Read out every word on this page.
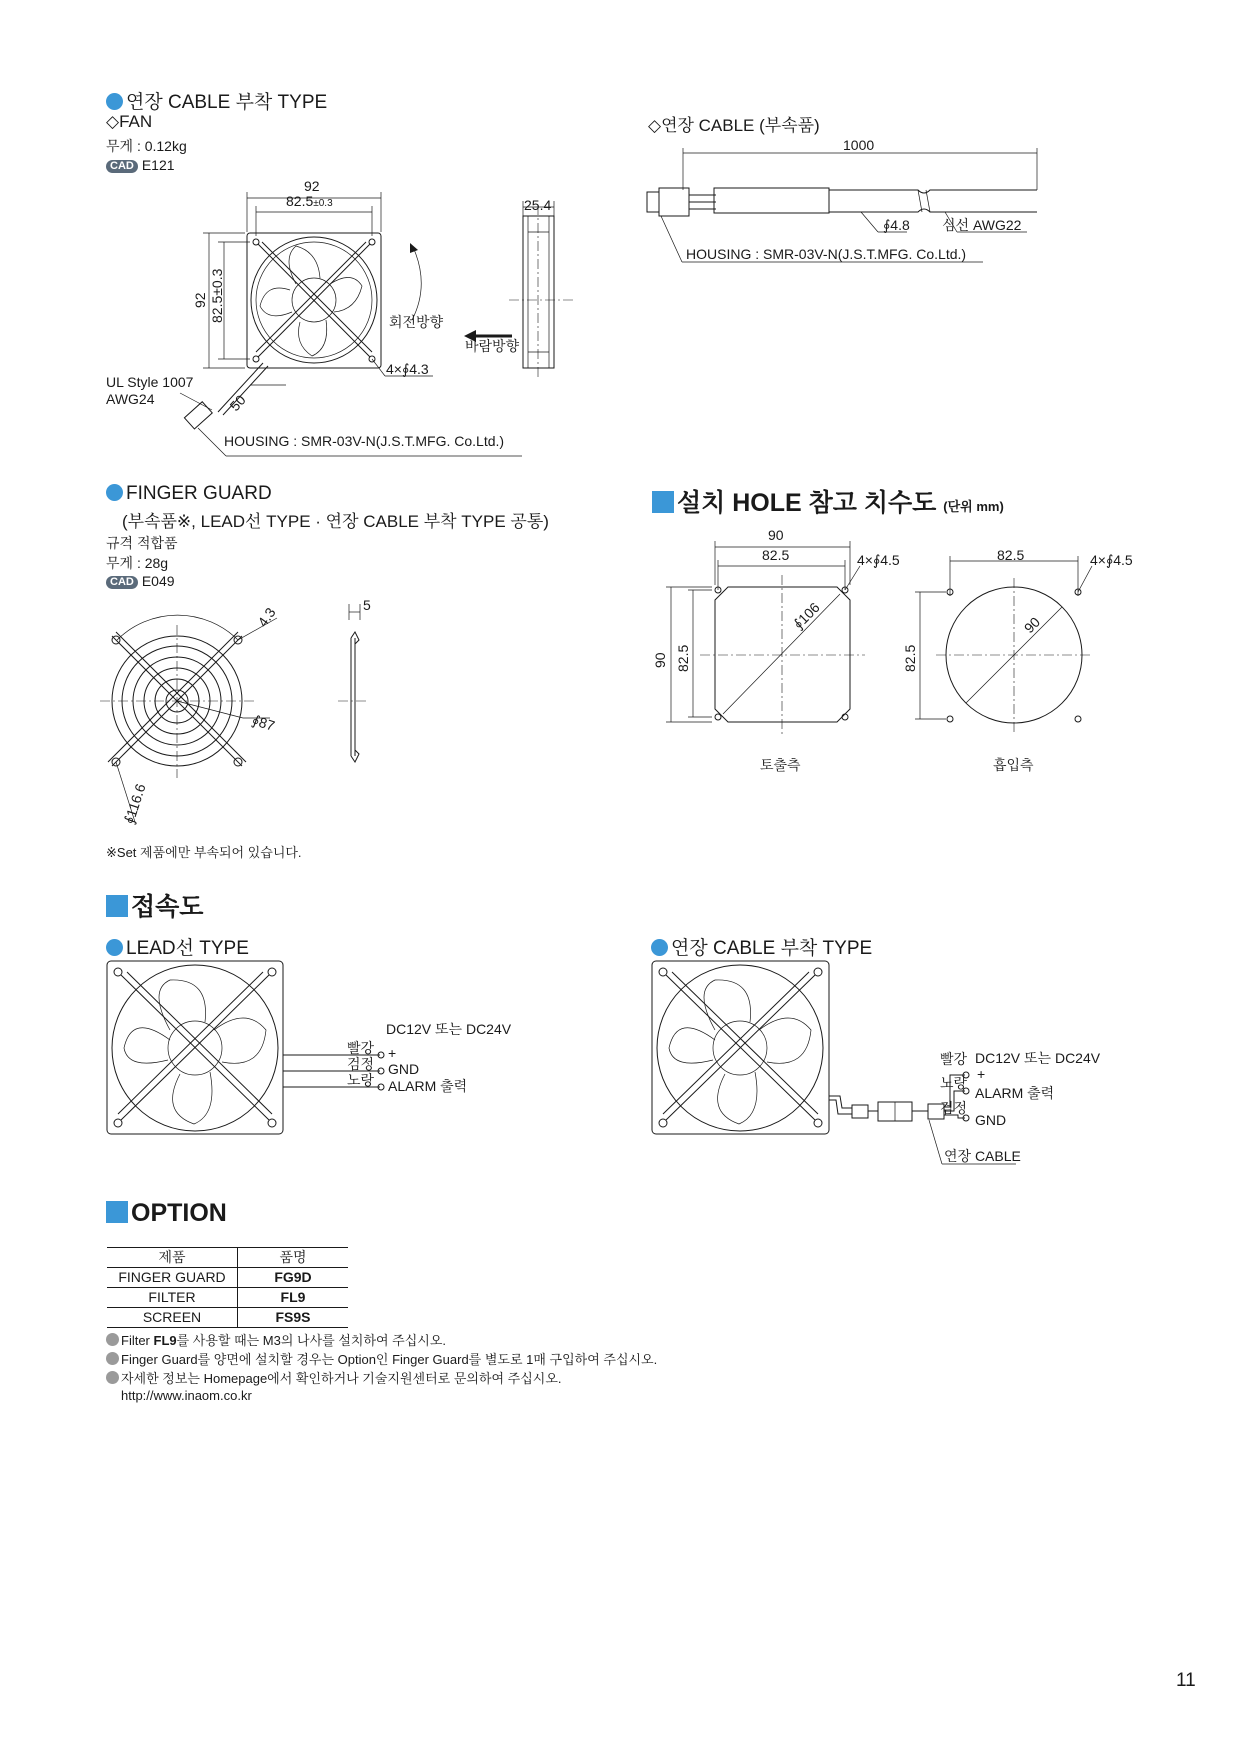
연장 CABLE 부착 TYPE
◇FAN
무게 : 0.12kg
CAD E121
92
82.5±0.3	25.4
92 82.5±0.3	회전방향
바람방향
4×∮4.3
50
UL Style 1007
AWG24
HOUSING : SMR-03V-N(J.S.T.MFG. Co.Ltd.)
◇연장 CABLE (부속품)
1000
∮4.8 심선 AWG22
HOUSING : SMR-03V-N(J.S.T.MFG. Co.Ltd.)
FINGER GUARD
(부속품※, LEAD선 TYPE · 연장 CABLE 부착 TYPE 공통)
규격 적합품
무게 : 28g
CAD E049
4.3
∮87
∮116.6
5
※Set 제품에만 부속되어 있습니다.
설치 HOLE 참고 치수도 (단위 mm)
90
82.5	4×∮4.5
∮106
90 82.5
토출측
82.5	4×∮4.5
90
82.5
흡입측
접속도
LEAD선 TYPE	연장 CABLE 부착 TYPE
빨강
검정
노랑
DC12V 또는 DC24V
+
GND
ALARM 출력
빨강
노랑
검정
DC12V 또는 DC24V
+
ALARM 출력
GND
연장 CABLE
OPTION
제품	품명
FINGER GUARD	FG9D
FILTER	FL9
SCREEN	FS9S
Filter FL9를 사용할 때는 M3의 나사를 설치하여 주십시오.
Finger Guard를 양면에 설치할 경우는 Option인 Finger Guard를 별도로 1매 구입하여 주십시오.
자세한 정보는 Homepage에서 확인하거나 기술지원센터로 문의하여 주십시오.
http://www.inaom.co.kr
11
